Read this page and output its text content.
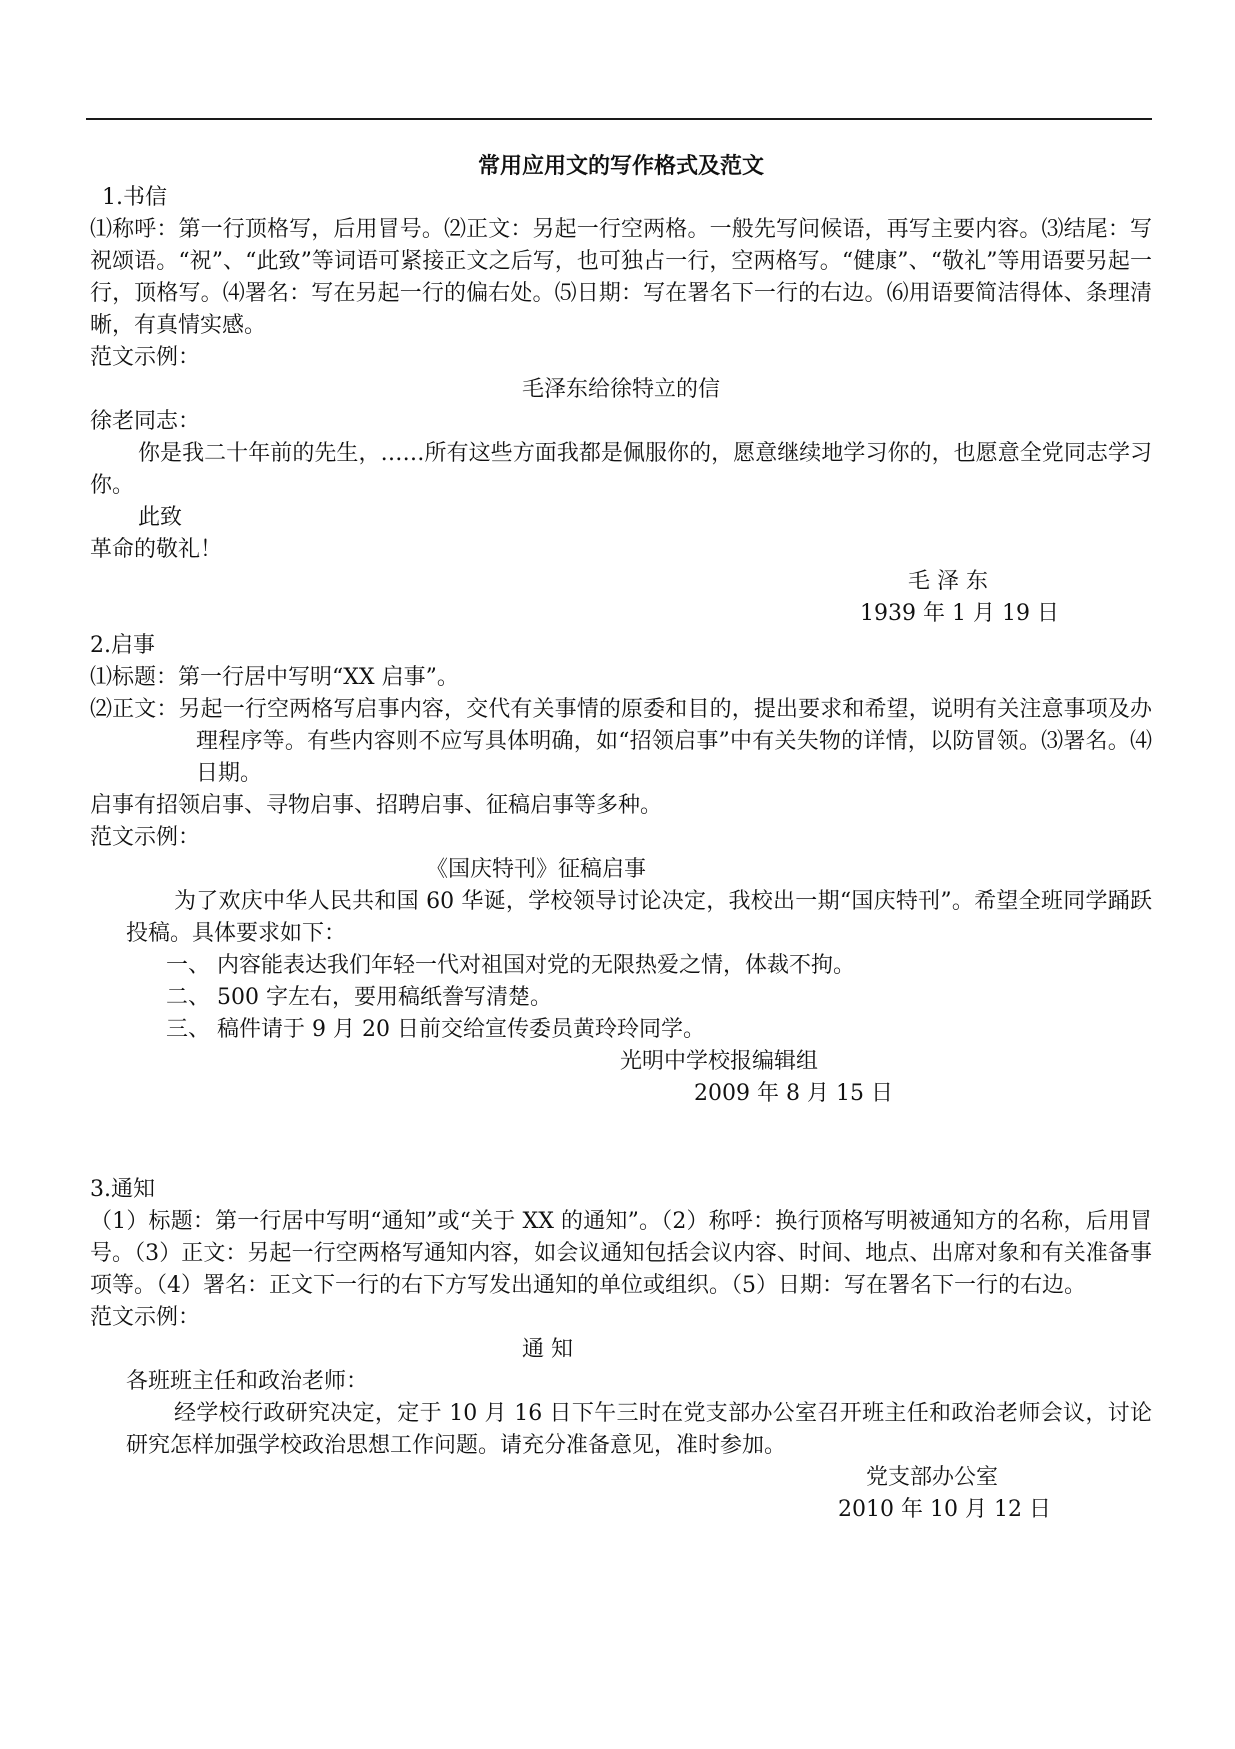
常用应用文的写作格式及范文
1.书信
⑴称呼：第一行顶格写，后用冒号。⑵正文：另起一行空两格。一般先写问候语，再写主要内容。⑶结尾：写祝颂语。“祝”、“此致”等词语可紧接正文之后写，也可独占一行，空两格写。“健康”、“敬礼”等用语要另起一行，顶格写。⑷署名：写在另起一行的偏右处。⑸日期：写在署名下一行的右边。⑹用语要简洁得体、条理清晰，有真情实感。
范文示例：
毛泽东给徐特立的信
徐老同志：
你是我二十年前的先生，……所有这些方面我都是佩服你的，愿意继续地学习你的，也愿意全党同志学习你。
此致
革命的敬礼！
毛 泽 东
1939 年 1 月 19 日
2.启事
⑴标题：第一行居中写明“XX 启事”。
⑵正文：另起一行空两格写启事内容，交代有关事情的原委和目的，提出要求和希望，说明有关注意事项及办理程序等。有些内容则不应写具体明确，如“招领启事”中有关失物的详情，以防冒领。⑶署名。⑷日期。
启事有招领启事、寻物启事、招聘启事、征稿启事等多种。
范文示例：
《国庆特刊》征稿启事
为了欢庆中华人民共和国 60 华诞，学校领导讨论决定，我校出一期“国庆特刊”。希望全班同学踊跃投稿。具体要求如下：
一、 内容能表达我们年轻一代对祖国对党的无限热爱之情，体裁不拘。
二、 500 字左右，要用稿纸誊写清楚。
三、 稿件请于 9 月 20 日前交给宣传委员黄玲玲同学。
光明中学校报编辑组
2009 年 8 月 15 日
3.通知
（1）标题：第一行居中写明“通知”或“关于 XX 的通知”。（2）称呼：换行顶格写明被通知方的名称，后用冒号。（3）正文：另起一行空两格写通知内容，如会议通知包括会议内容、时间、地点、出席对象和有关准备事项等。（4）署名：正文下一行的右下方写发出通知的单位或组织。（5）日期：写在署名下一行的右边。
范文示例：
通 知
各班班主任和政治老师：
经学校行政研究决定，定于 10 月 16 日下午三时在党支部办公室召开班主任和政治老师会议，讨论研究怎样加强学校政治思想工作问题。请充分准备意见，准时参加。
党支部办公室
2010 年 10 月 12 日
